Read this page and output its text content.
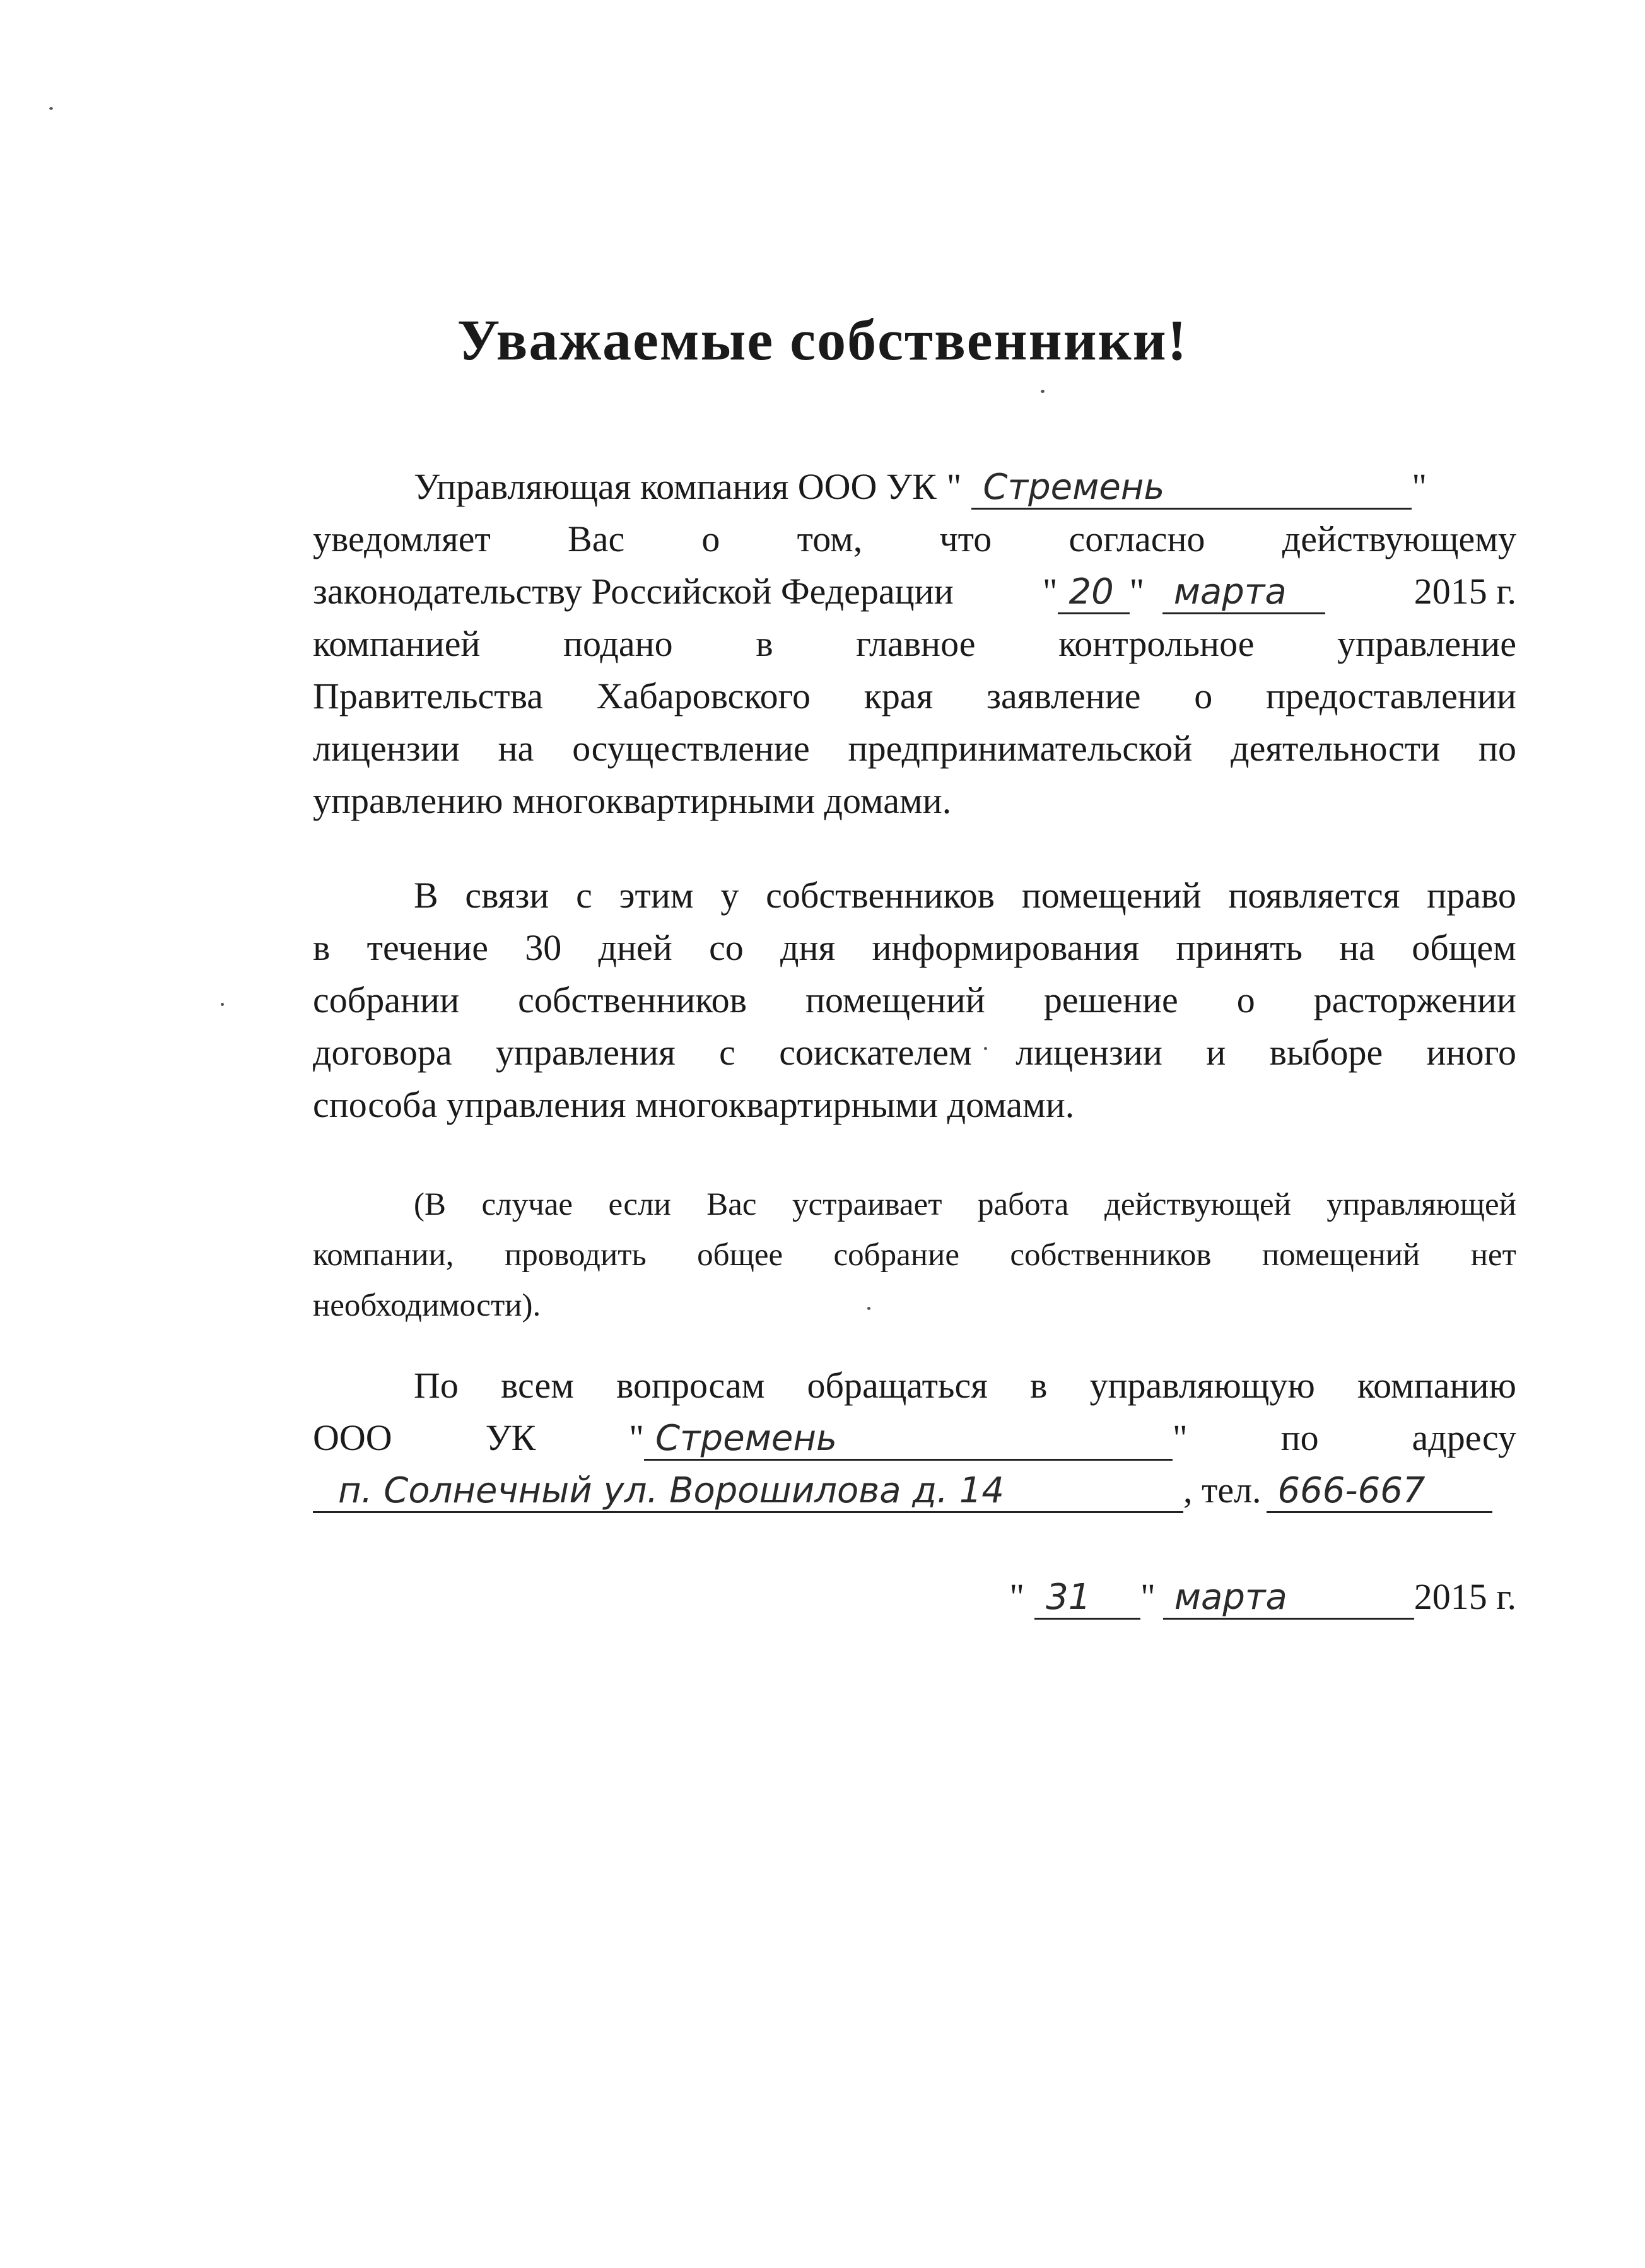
Уважаемые собственники!
Управляющая компания ООО УК " Стремень	"
уведомляет Вас о том, что согласно действующему
законодательству Российской Федерации " 20 " марта	2015 г.
компанией подано в главное контрольное управление
Правительства Хабаровского края заявление о предоставлении
лицензии на осуществление предпринимательской деятельности по
управлению многоквартирными домами.
В связи с этим у собственников помещений появляется право
в течение 30 дней со дня информирования принять на общем
собрании собственников помещений решение о расторжении
договора управления с соискателем лицензии и выборе иного
способа управления многоквартирными домами.
(В случае если Вас устраивает работа действующей управляющей
компании, проводить общее собрание собственников помещений нет
необходимости).
По всем вопросам обращаться в управляющую компанию
ООО	УК	" Стремень	"	по	адресу
п. Солнечный ул. Ворошилова д. 14	, тел. 666-667
" 31	" марта	2015 г.
